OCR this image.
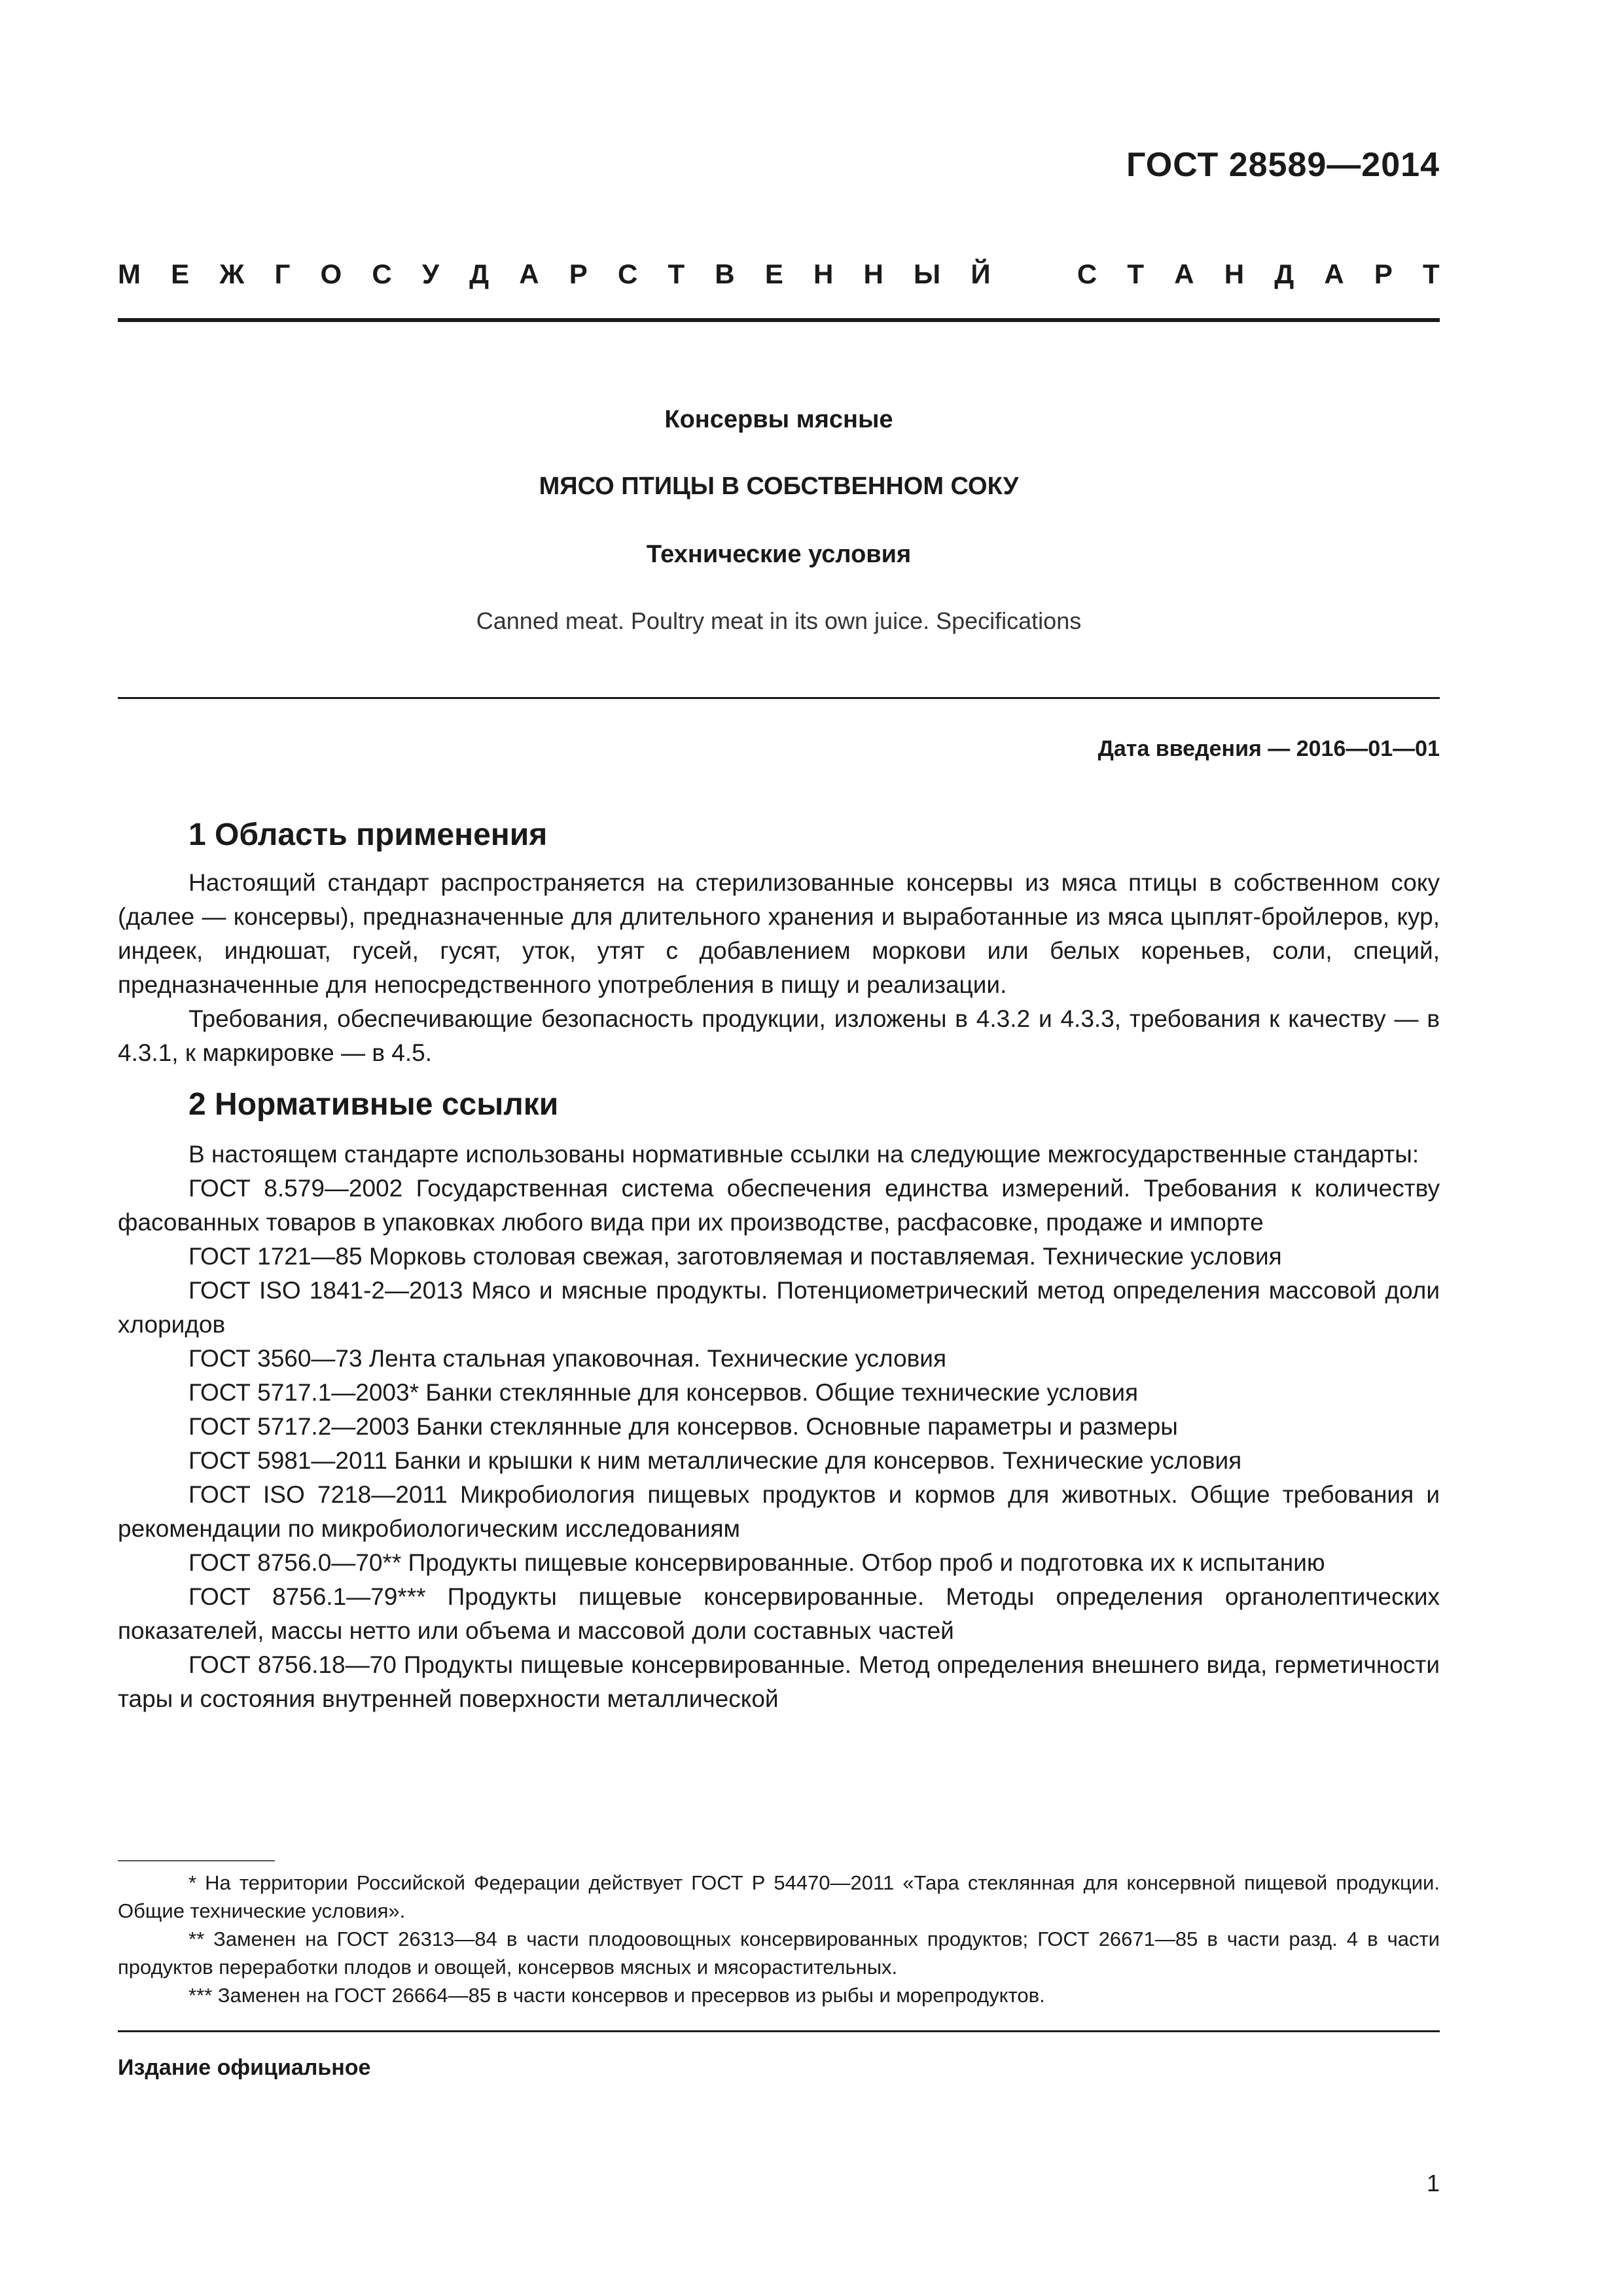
ГОСТ 28589—2014
М Е Ж Г О С У Д А Р С Т В Е Н Н Ы Й	С Т А Н Д А Р Т
Консервы мясные
МЯСО ПТИЦЫ В СОБСТВЕННОМ СОКУ
Технические условия
Canned meat. Poultry meat in its own juice. Specifications
Дата введения — 2016—01—01
1 Область применения

Настоящий стандарт распространяется на стерилизованные консервы из мяса птицы в собственном соку (далее — консервы), предназначенные для длительного хранения и выработанные из мяса цыплят-бройлеров, кур, индеек, индюшат, гусей, гусят, уток, утят с добавлением моркови или белых кореньев, соли, специй, предназначенные для непосредственного употребления в пищу и реализации.

Требования, обеспечивающие безопасность продукции, изложены в 4.3.2 и 4.3.3, требования к качеству — в 4.3.1, к маркировке — в 4.5.

2 Нормативные ссылки

В настоящем стандарте использованы нормативные ссылки на следующие межгосударственные стандарты:

ГОСТ 8.579—2002 Государственная система обеспечения единства измерений. Требования к количеству фасованных товаров в упаковках любого вида при их производстве, расфасовке, продаже и импорте

ГОСТ 1721—85 Морковь столовая свежая, заготовляемая и поставляемая. Технические условия

ГОСТ ISO 1841-2—2013 Мясо и мясные продукты. Потенциометрический метод определения массовой доли хлоридов

ГОСТ 3560—73 Лента стальная упаковочная. Технические условия

ГОСТ 5717.1—2003* Банки стеклянные для консервов. Общие технические условия

ГОСТ 5717.2—2003 Банки стеклянные для консервов. Основные параметры и размеры

ГОСТ 5981—2011 Банки и крышки к ним металлические для консервов. Технические условия

ГОСТ ISO 7218—2011 Микробиология пищевых продуктов и кормов для животных. Общие требования и рекомендации по микробиологическим исследованиям

ГОСТ 8756.0—70** Продукты пищевые консервированные. Отбор проб и подготовка их к испытанию

ГОСТ 8756.1—79*** Продукты пищевые консервированные. Методы определения органолептических показателей, массы нетто или объема и массовой доли составных частей

ГОСТ 8756.18—70 Продукты пищевые консервированные. Метод определения внешнего вида, герметичности тары и состояния внутренней поверхности металлической

* На территории Российской Федерации действует ГОСТ Р 54470—2011 «Тара стеклянная для консервной пищевой продукции. Общие технические условия».

** Заменен на ГОСТ 26313—84 в части плодоовощных консервированных продуктов; ГОСТ 26671—85 в части разд. 4 в части продуктов переработки плодов и овощей, консервов мясных и мясорастительных.

*** Заменен на ГОСТ 26664—85 в части консервов и пресервов из рыбы и морепродуктов.

Издание официальное
1
